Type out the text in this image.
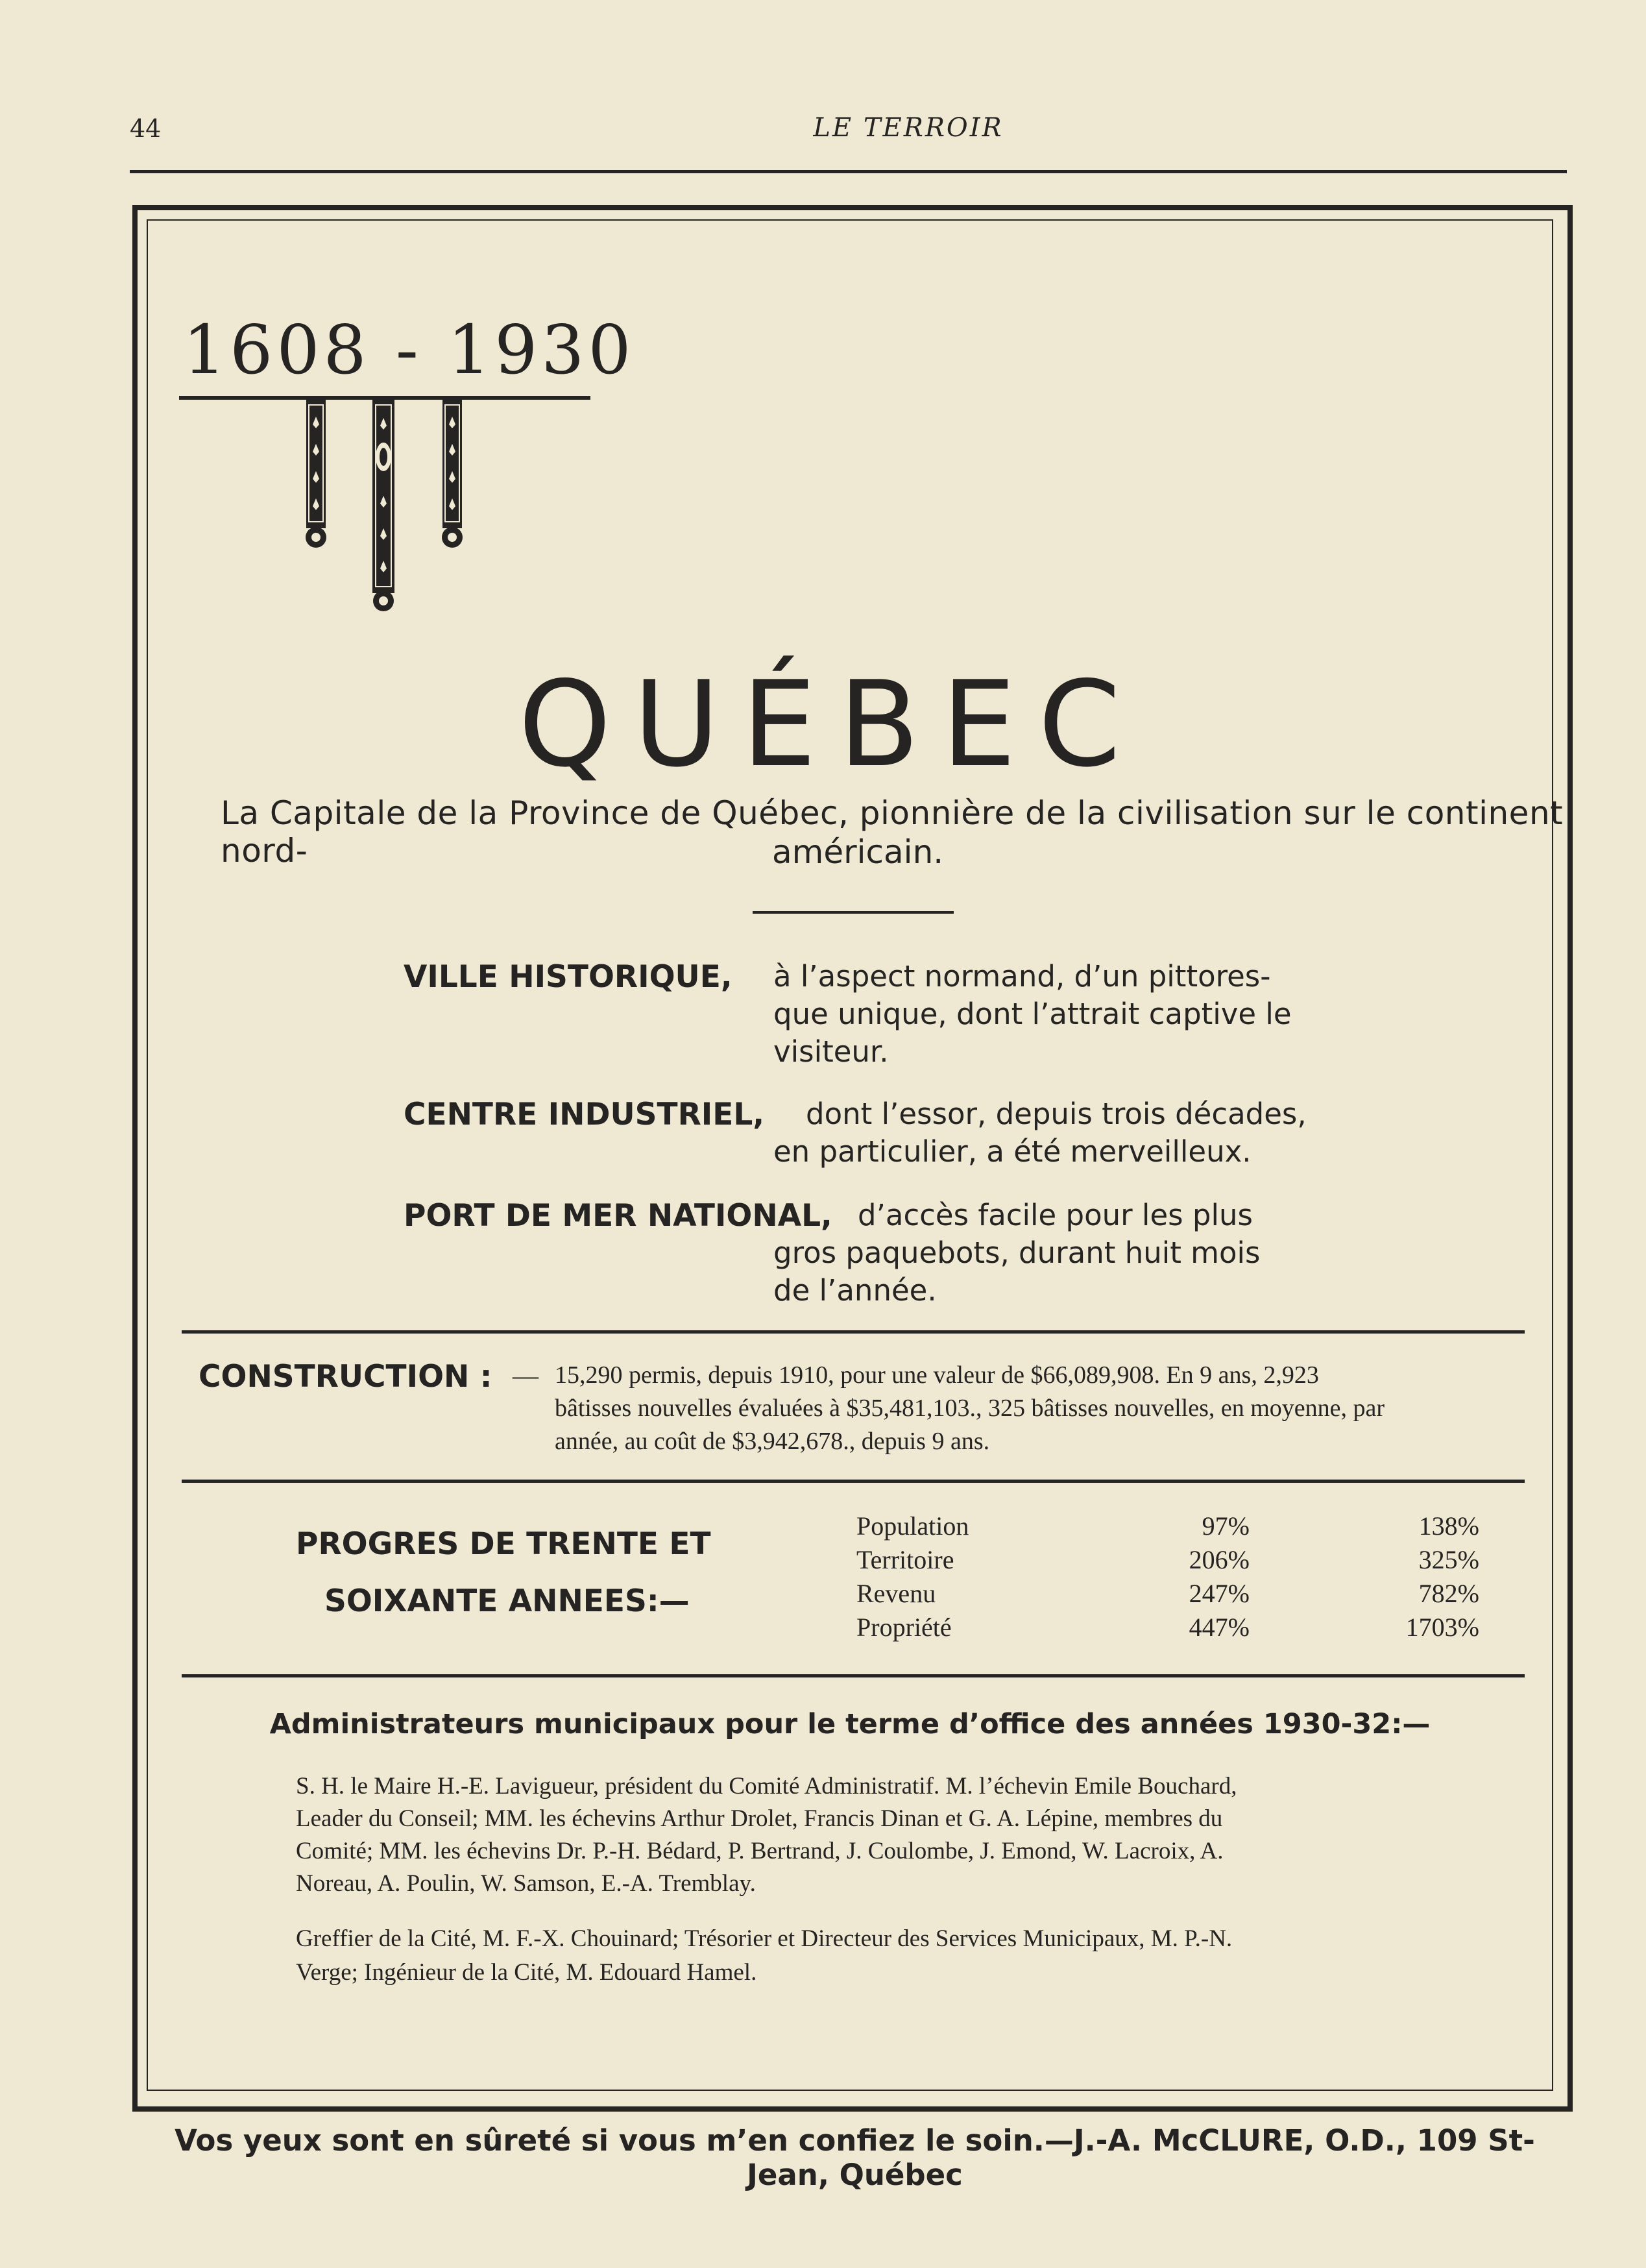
44	LE TERROIR
1608 - 1930
QUÉBEC
La Capitale de la Province de Québec, pionnière de la civilisation sur le continent nord-	américain.
VILLE HISTORIQUE, à l’aspect normand, d’un pittores-
que unique, dont l’attrait captive le
visiteur.
CENTRE INDUSTRIEL, dont l’essor, depuis trois décades,
en particulier, a été merveilleux.
PORT DE MER NATIONAL, d’accès facile pour les plus
gros paquebots, durant huit mois
de l’année.
CONSTRUCTION : — 15,290 permis, depuis 1910, pour une valeur de $66,089,908. En 9 ans, 2,923
bâtisses nouvelles évaluées à $35,481,103., 325 bâtisses nouvelles, en moyenne, par
année, au coût de $3,942,678., depuis 9 ans.
PROGRES DE TRENTE ET
SOIXANTE ANNEES:—
Population	97%	138%
Territoire	206%	325%
Revenu	247%	782%
Propriété	447%	1703%
Administrateurs municipaux pour le terme d’office des années 1930-32:—
S. H. le Maire H.-E. Lavigueur, président du Comité Administratif. M. l’échevin Emile Bouchard,
Leader du Conseil; MM. les échevins Arthur Drolet, Francis Dinan et G. A. Lépine, membres du
Comité; MM. les échevins Dr. P.-H. Bédard, P. Bertrand, J. Coulombe, J. Emond, W. Lacroix, A.
Noreau, A. Poulin, W. Samson, E.-A. Tremblay.
Greffier de la Cité, M. F.-X. Chouinard; Trésorier et Directeur des Services Municipaux, M. P.-N.
Verge; Ingénieur de la Cité, M. Edouard Hamel.
Vos yeux sont en sûreté si vous m’en confiez le soin.—J.-A. McCLURE, O.D., 109 St-Jean, Québec
